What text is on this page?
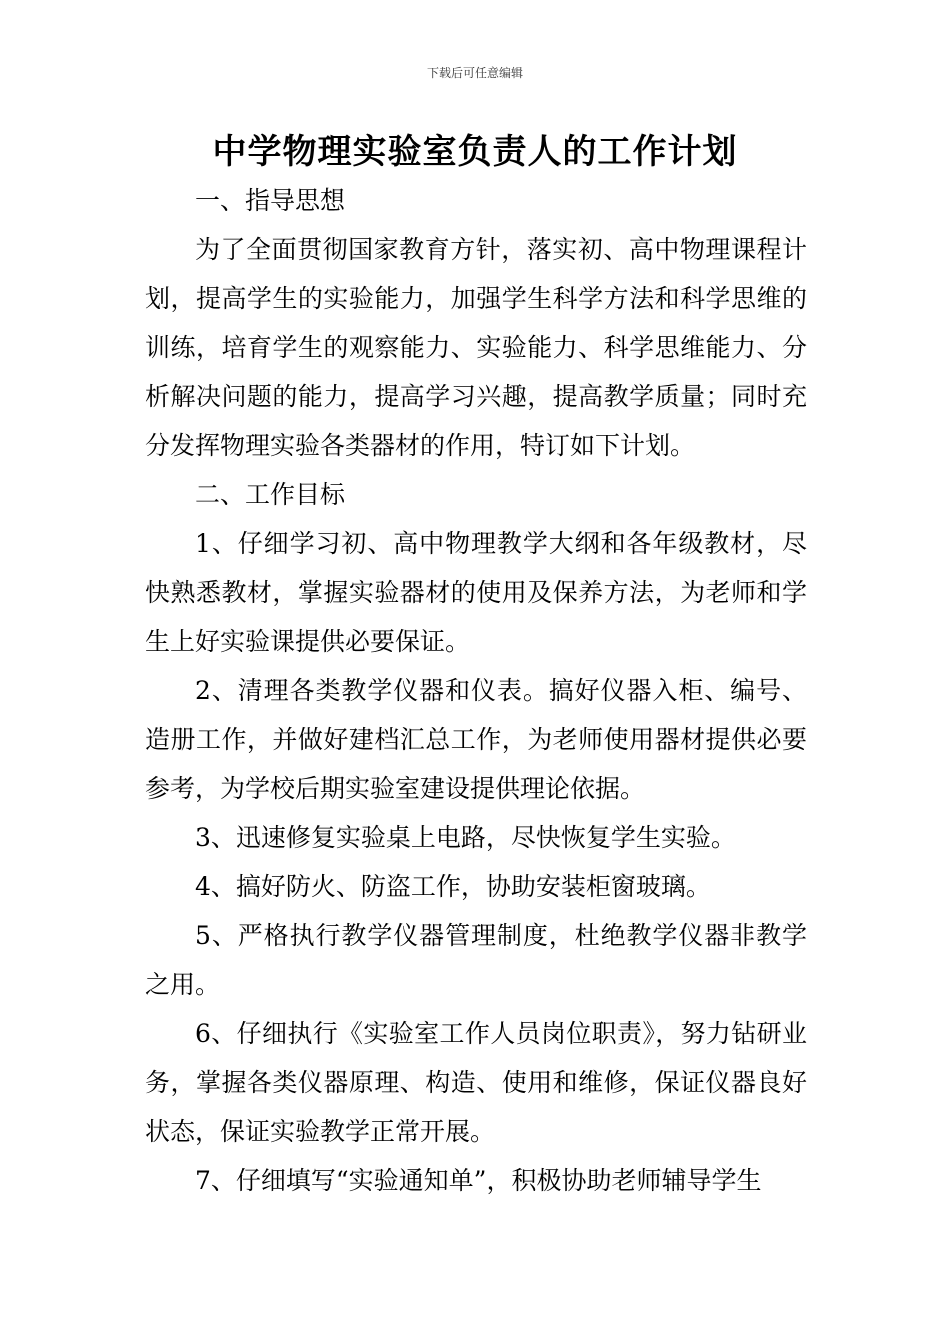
下载后可任意编辑
中学物理实验室负责人的工作计划

一、指导思想

为了全面贯彻国家教育方针，落实初、高中物理课程计划，提高学生的实验能力，加强学生科学方法和科学思维的训练，培育学生的观察能力、实验能力、科学思维能力、分析解决问题的能力，提高学习兴趣，提高教学质量；同时充分发挥物理实验各类器材的作用，特订如下计划。

二、工作目标

1、仔细学习初、高中物理教学大纲和各年级教材，尽快熟悉教材，掌握实验器材的使用及保养方法，为老师和学生上好实验课提供必要保证。

2、清理各类教学仪器和仪表。搞好仪器入柜、编号、造册工作，并做好建档汇总工作，为老师使用器材提供必要参考，为学校后期实验室建设提供理论依据。

3、迅速修复实验桌上电路，尽快恢复学生实验。

4、搞好防火、防盗工作，协助安装柜窗玻璃。

5、严格执行教学仪器管理制度，杜绝教学仪器非教学之用。

6、仔细执行《实验室工作人员岗位职责》，努力钻研业务，掌握各类仪器原理、构造、使用和维修，保证仪器良好状态，保证实验教学正常开展。

7、仔细填写“实验通知单”，积极协助老师辅导学生
